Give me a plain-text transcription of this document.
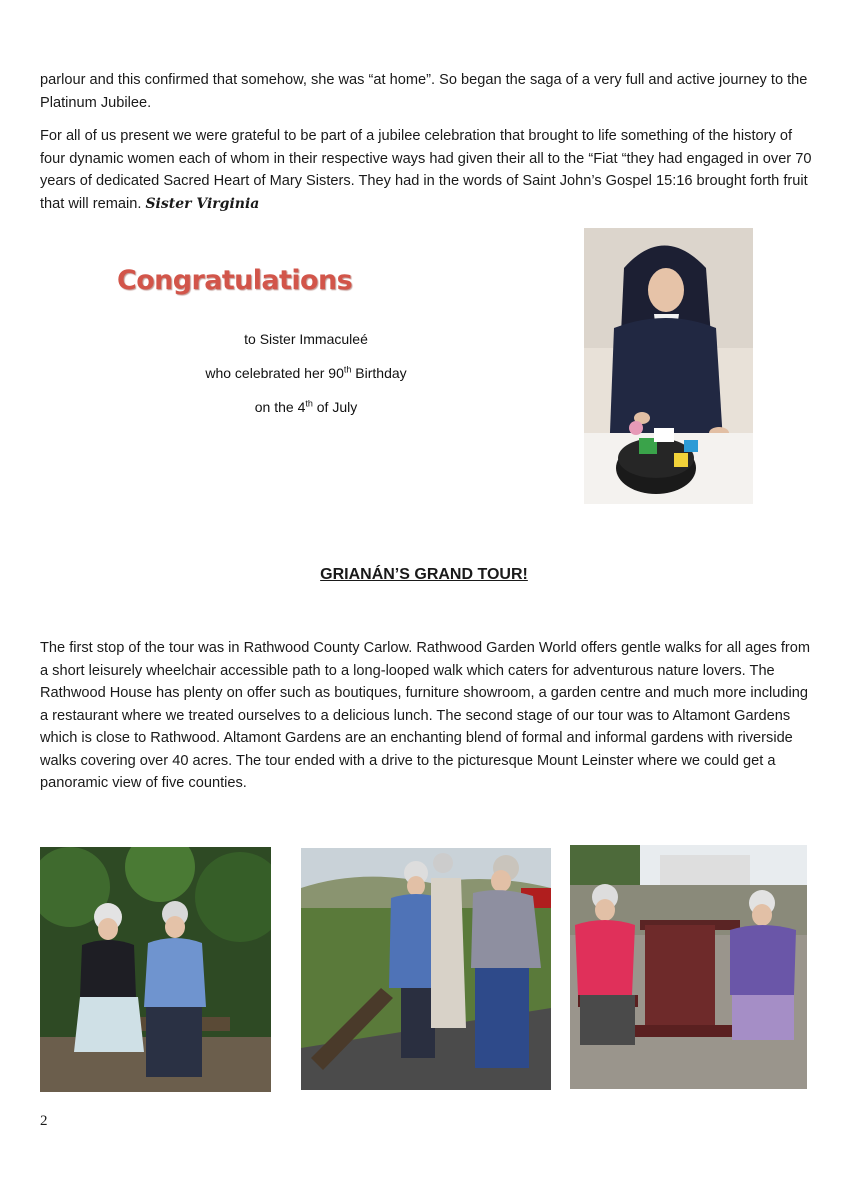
parlour and this confirmed that somehow, she was “at home”. So began the saga of a very full and active journey to the Platinum Jubilee.

For all of us present we were grateful to be part of a jubilee celebration that brought to life something of the history of four dynamic women each of whom in their respective ways had given their all to the “Fiat “they had engaged in over 70 years of dedicated Sacred Heart of Mary Sisters. They had in the words of Saint John’s Gospel 15:16 brought forth fruit that will remain. Sister Virginia

Congratulations

to Sister Immaculeé

who celebrated her 90th Birthday

on the 4th of July

GRIANÁN’S GRAND TOUR!

The first stop of the tour was in Rathwood County Carlow. Rathwood Garden World offers gentle walks for all ages from a short leisurely wheelchair accessible path to a long-looped walk which caters for adventurous nature lovers. The Rathwood House has plenty on offer such as boutiques, furniture showroom, a garden centre and much more including a restaurant where we treated ourselves to a delicious lunch. The second stage of our tour was to Altamont Gardens which is close to Rathwood. Altamont Gardens are an enchanting blend of formal and informal gardens with riverside walks covering over 40 acres. The tour ended with a drive to the picturesque Mount Leinster where we could get a panoramic view of five counties.

2
